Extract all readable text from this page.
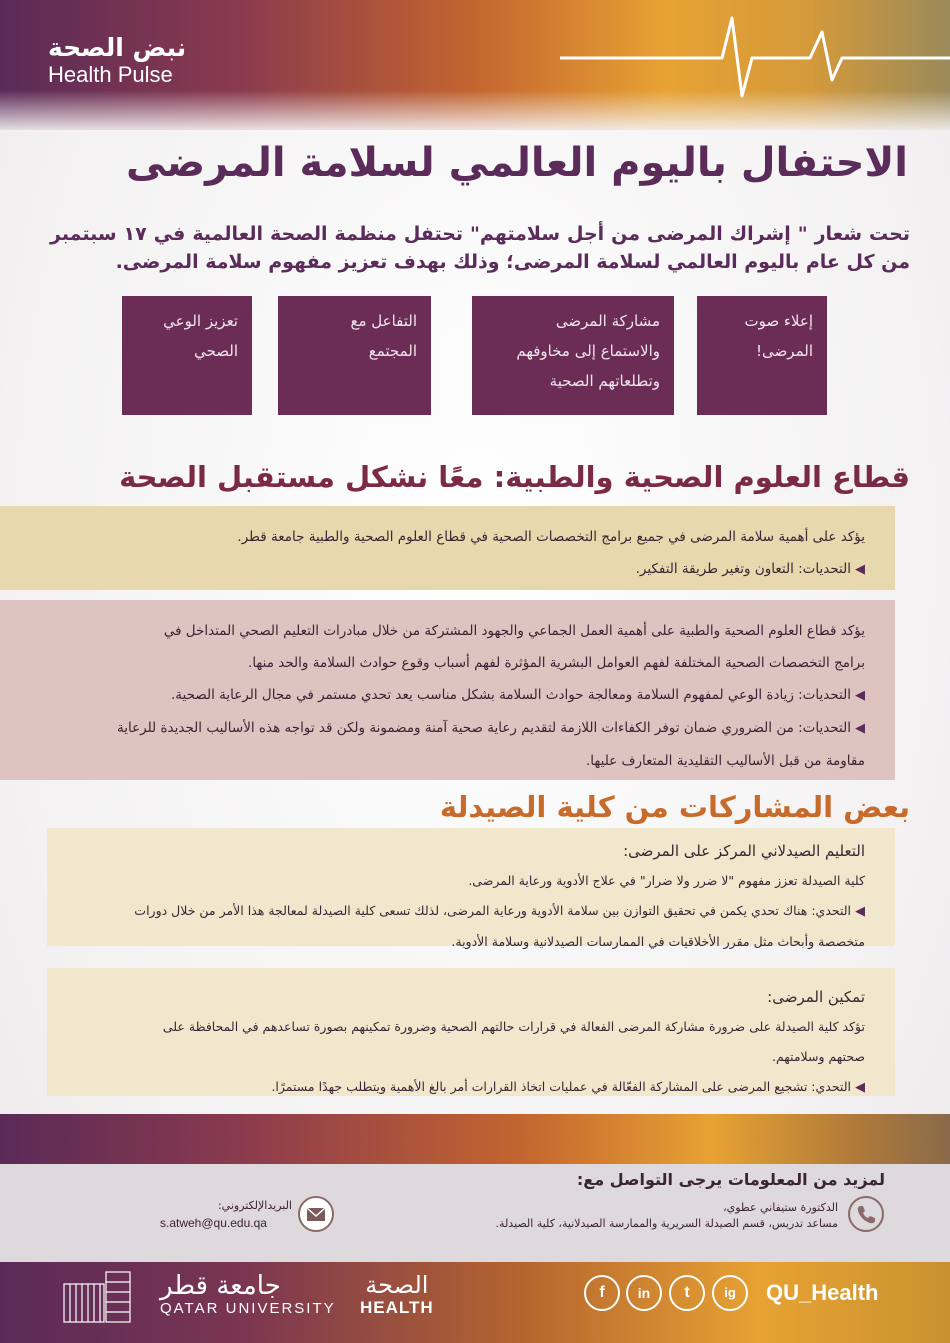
نبض الصحة
Health Pulse
الاحتفال باليوم العالمي لسلامة المرضى
تحت شعار " إشراك المرضى من أجل سلامتهم" تحتفل منظمة الصحة العالمية في ١٧ سبتمبر من كل عام باليوم العالمي لسلامة المرضى؛ وذلك بهدف تعزيز مفهوم سلامة المرضى.
إعلاء صوت
المرضى!
مشاركة المرضى
والاستماع إلى مخاوفهم
وتطلعاتهم الصحية
التفاعل مع
المجتمع
تعزيز الوعي
الصحي
قطاع العلوم الصحية والطبية: معًا نشكل مستقبل الصحة
يؤكد على أهمية سلامة المرضى في جميع برامج التخصصات الصحية في قطاع العلوم الصحية والطبية جامعة قطر.
◀ التحديات: التعاون وتغير طريقة التفكير.
يؤكد قطاع العلوم الصحية والطبية على أهمية العمل الجماعي والجهود المشتركة من خلال مبادرات التعليم الصحي المتداخل في
برامج التخصصات الصحية المختلفة لفهم العوامل البشرية المؤثرة لفهم أسباب وقوع حوادث السلامة والحد منها.
◀ التحديات: زيادة الوعي لمفهوم السلامة ومعالجة حوادث السلامة بشكل مناسب يعد تحدي مستمر في مجال الرعاية الصحية.
◀ التحديات: من الضروري ضمان توفر الكفاءات اللازمة لتقديم رعاية صحية آمنة ومضمونة ولكن قد تواجه هذه الأساليب الجديدة للرعاية
مقاومة من قبل الأساليب التقليدية المتعارف عليها.
بعض المشاركات من كلية الصيدلة
التعليم الصيدلاني المركز على المرضى:
كلية الصيدلة تعزز مفهوم "لا ضرر ولا ضرار" في علاج الأدوية ورعاية المرضى.
◀ التحدي: هناك تحدي يكمن في تحقيق التوازن بين سلامة الأدوية ورعاية المرضى، لذلك تسعى كلية الصيدلة لمعالجة هذا الأمر من خلال دورات
متخصصة وأبحاث مثل مقرر الأخلاقيات في الممارسات الصيدلانية وسلامة الأدوية.
تمكين المرضى:
تؤكد كلية الصيدلة على ضرورة مشاركة المرضى الفعالة في قرارات حالتهم الصحية وضرورة تمكينهم بصورة تساعدهم في المحافظة على
صحتهم وسلامتهم.
◀ التحدي: تشجيع المرضى على المشاركة الفعّالة في عمليات اتخاذ القرارات أمر بالغ الأهمية ويتطلب جهدًا مستمرًا.
لمزيد من المعلومات يرجى التواصل مع:
الدكتورة ستيفاني عطوي،
مساعد تدريس، قسم الصيدلة السريرية والممارسة الصيدلانية، كلية الصيدلة.
البريدالإلكتروني:
s.atweh@qu.edu.qa
f	in	t	ig	QU_Health
الصحة
HEALTH
جامعة قطر
QATAR UNIVERSITY
